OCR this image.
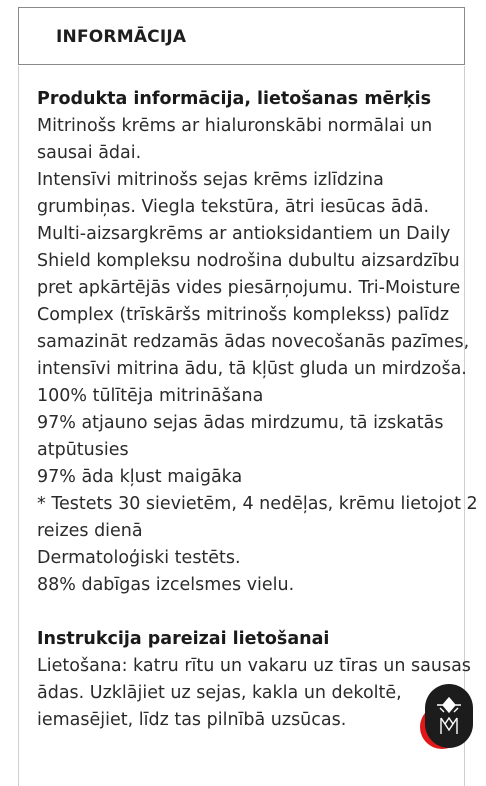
INFORMĀCIJA
Produkta informācija, lietošanas mērķis
Mitrinošs krēms ar hialuronskābi normālai un
sausai ādai.
Intensīvi mitrinošs sejas krēms izlīdzina
grumbiņas. Viegla tekstūra, ātri iesūcas ādā.
Multi-aizsargkrēms ar antioksidantiem un Daily
Shield kompleksu nodrošina dubultu aizsardzību
pret apkārtējās vides piesārņojumu. Tri-Moisture
Complex (trīskāršs mitrinošs komplekss) palīdz
samazināt redzamās ādas novecošanās pazīmes,
intensīvi mitrina ādu, tā kļūst gluda un mirdzoša.
100% tūlītēja mitrināšana
97% atjauno sejas ādas mirdzumu, tā izskatās
atpūtusies
97% āda kļust maigāka
* Testets 30 sievietēm, 4 nedēļas, krēmu lietojot 2
reizes dienā
Dermatoloģiski testēts.
88% dabīgas izcelsmes vielu.
Instrukcija pareizai lietošanai
Lietošana: katru rītu un vakaru uz tīras un sausas
ādas. Uzklājiet uz sejas, kakla un dekoltē,
iemasējiet, līdz tas pilnībā uzsūcas.
